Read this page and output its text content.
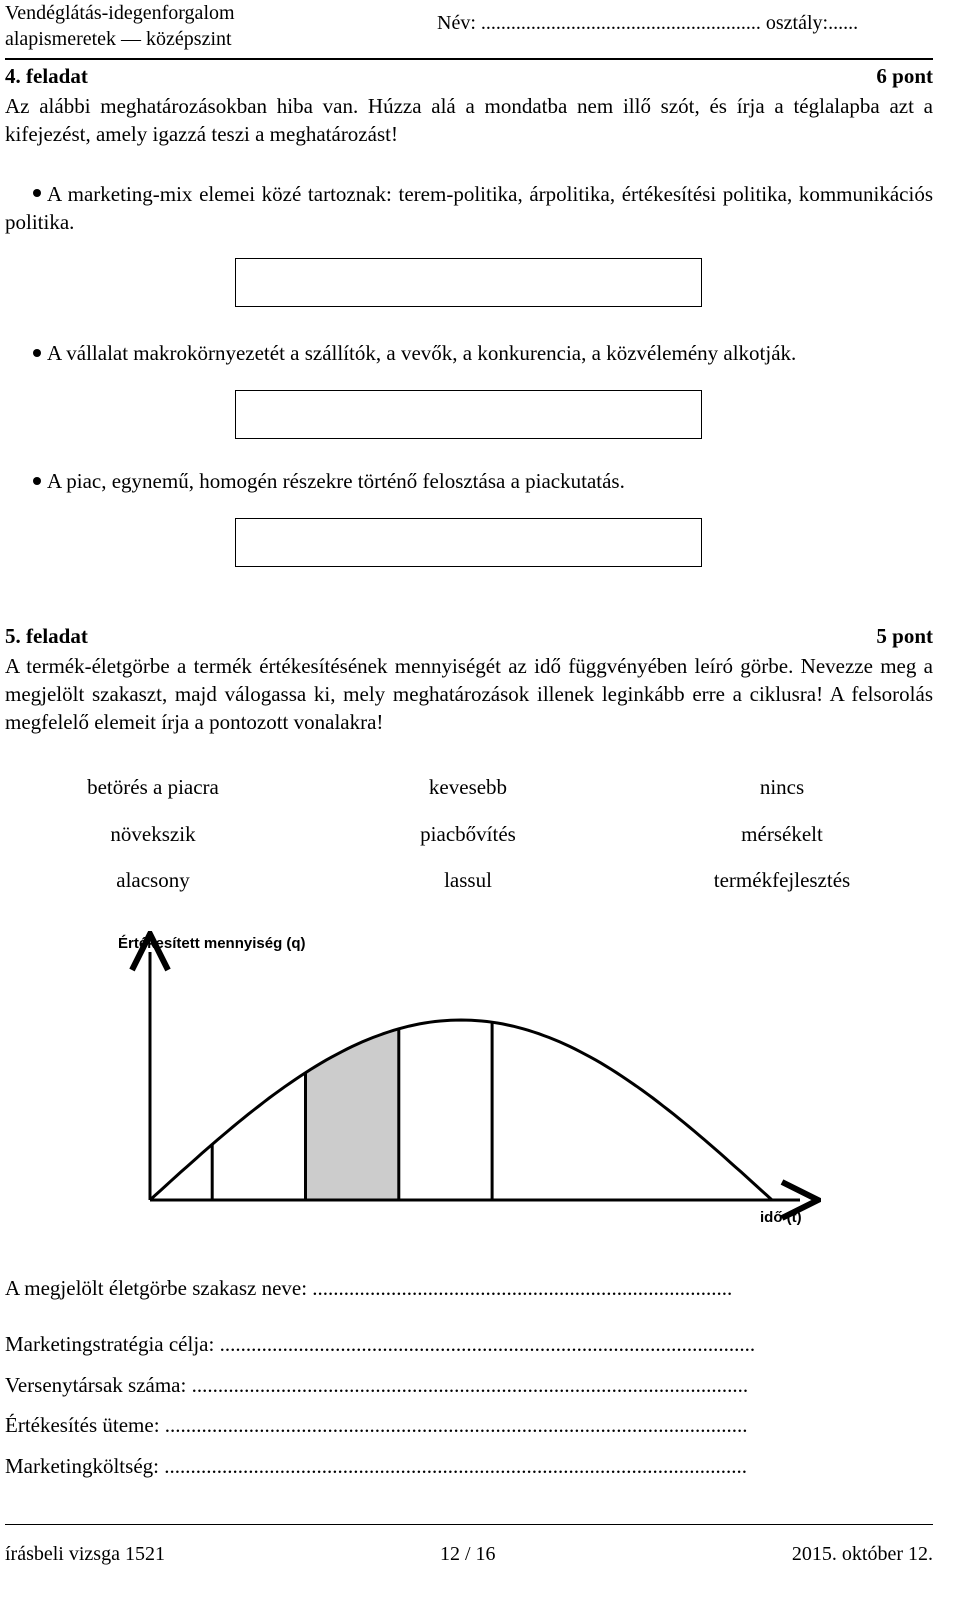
Vendéglátás-idegenforgalom
alapismeretek — középszint
Név: ........................................................ osztály:......
4. feladat	6 pont
Az alábbi meghatározásokban hiba van. Húzza alá a mondatba nem illő szót, és írja a téglalapba azt a kifejezést, amely igazzá teszi a meghatározást!
A marketing-mix elemei közé tartoznak: terem-politika, árpolitika, értékesítési politika, kommunikációs politika.
A vállalat makrokörnyezetét a szállítók, a vevők, a konkurencia, a közvélemény alkotják.
A piac, egynemű, homogén részekre történő felosztása a piackutatás.
5. feladat	5 pont
A termék-életgörbe a termék értékesítésének mennyiségét az idő függvényében leíró görbe. Nevezze meg a megjelölt szakaszt, majd válogassa ki, mely meghatározások illenek leginkább erre a ciklusra! A felsorolás megfelelő elemeit írja a pontozott vonalakra!
betörés a piacra	kevesebb	nincs
növekszik	piacbővítés	mérsékelt
alacsony	lassul	termékfejlesztés
Értékesített mennyiség (q)
idő (t)
A megjelölt életgörbe szakasz neve: ................................................................................
Marketingstratégia célja: ......................................................................................................
Versenytársak száma: ..........................................................................................................
Értékesítés üteme: ...............................................................................................................
Marketingköltség: ...............................................................................................................
írásbeli vizsga 1521	12 / 16	2015. október 12.
